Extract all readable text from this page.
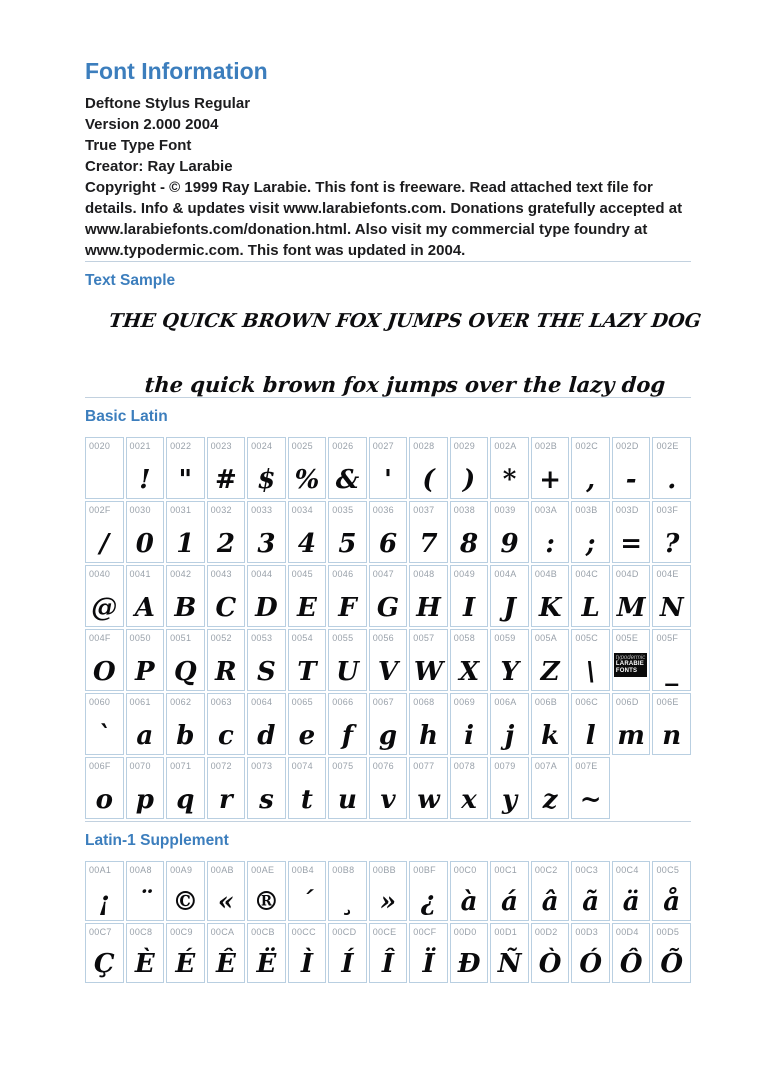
Font Information
Deftone Stylus Regular
Version 2.000 2004
True Type Font
Creator: Ray Larabie

Copyright - © 1999 Ray Larabie. This font is freeware. Read attached text file for details. Info & updates visit www.larabiefonts.com. Donations gratefully accepted at www.larabiefonts.com/donation.html. Also visit my commercial type foundry at www.typodermic.com. This font was updated in 2004.

Text Sample
THE QUICK BROWN FOX JUMPS OVER THE LAZY DOG
the quick brown fox jumps over the lazy dog
Basic Latin
0020	0021
!
0022
"
0023
#
0024
$
0025
%
0026
&
0027
'
0028
(
0029
)
002A
*
002B
+
002C
,
002D
-
002E
.
002F
/
0030
0
0031
1
0032
2
0033
3
0034
4
0035
5
0036
6
0037
7
0038
8
0039
9
003A
:
003B
;
003D
=
003F
?
0040
@
0041
A
0042
B
0043
C
0044
D
0045
E
0046
F
0047
G
0048
H
0049
I
004A
J
004B
K
004C
L
004D
M
004E
N
004F
O
0050
P
0051
Q
0052
R
0053
S
0054
T
0055
U
0056
V
0057
W
0058
X
0059
Y
005A
Z
005C
\
005E
typodermic
LARABIE FONTS
005F
_
0060
`
0061
a
0062
b
0063
c
0064
d
0065
e
0066
f
0067
g
0068
h
0069
i
006A
j
006B
k
006C
l
006D
m
006E
n
006F
o
0070
p
0071
q
0072
r
0073
s
0074
t
0075
u
0076
v
0077
w
0078
x
0079
y
007A
z
007E
~
Latin-1 Supplement
00A1
¡
00A8
¨
00A9
©
00AB
«
00AE
®
00B4
´
00B8
¸
00BB
»
00BF
¿
00C0
à
00C1
á
00C2
â
00C3
ã
00C4
ä
00C5
å
00C7
Ç
00C8
È
00C9
É
00CA
Ê
00CB
Ë
00CC
Ì
00CD
Í
00CE
Î
00CF
Ï
00D0
Ð
00D1
Ñ
00D2
Ò
00D3
Ó
00D4
Ô
00D5
Õ
